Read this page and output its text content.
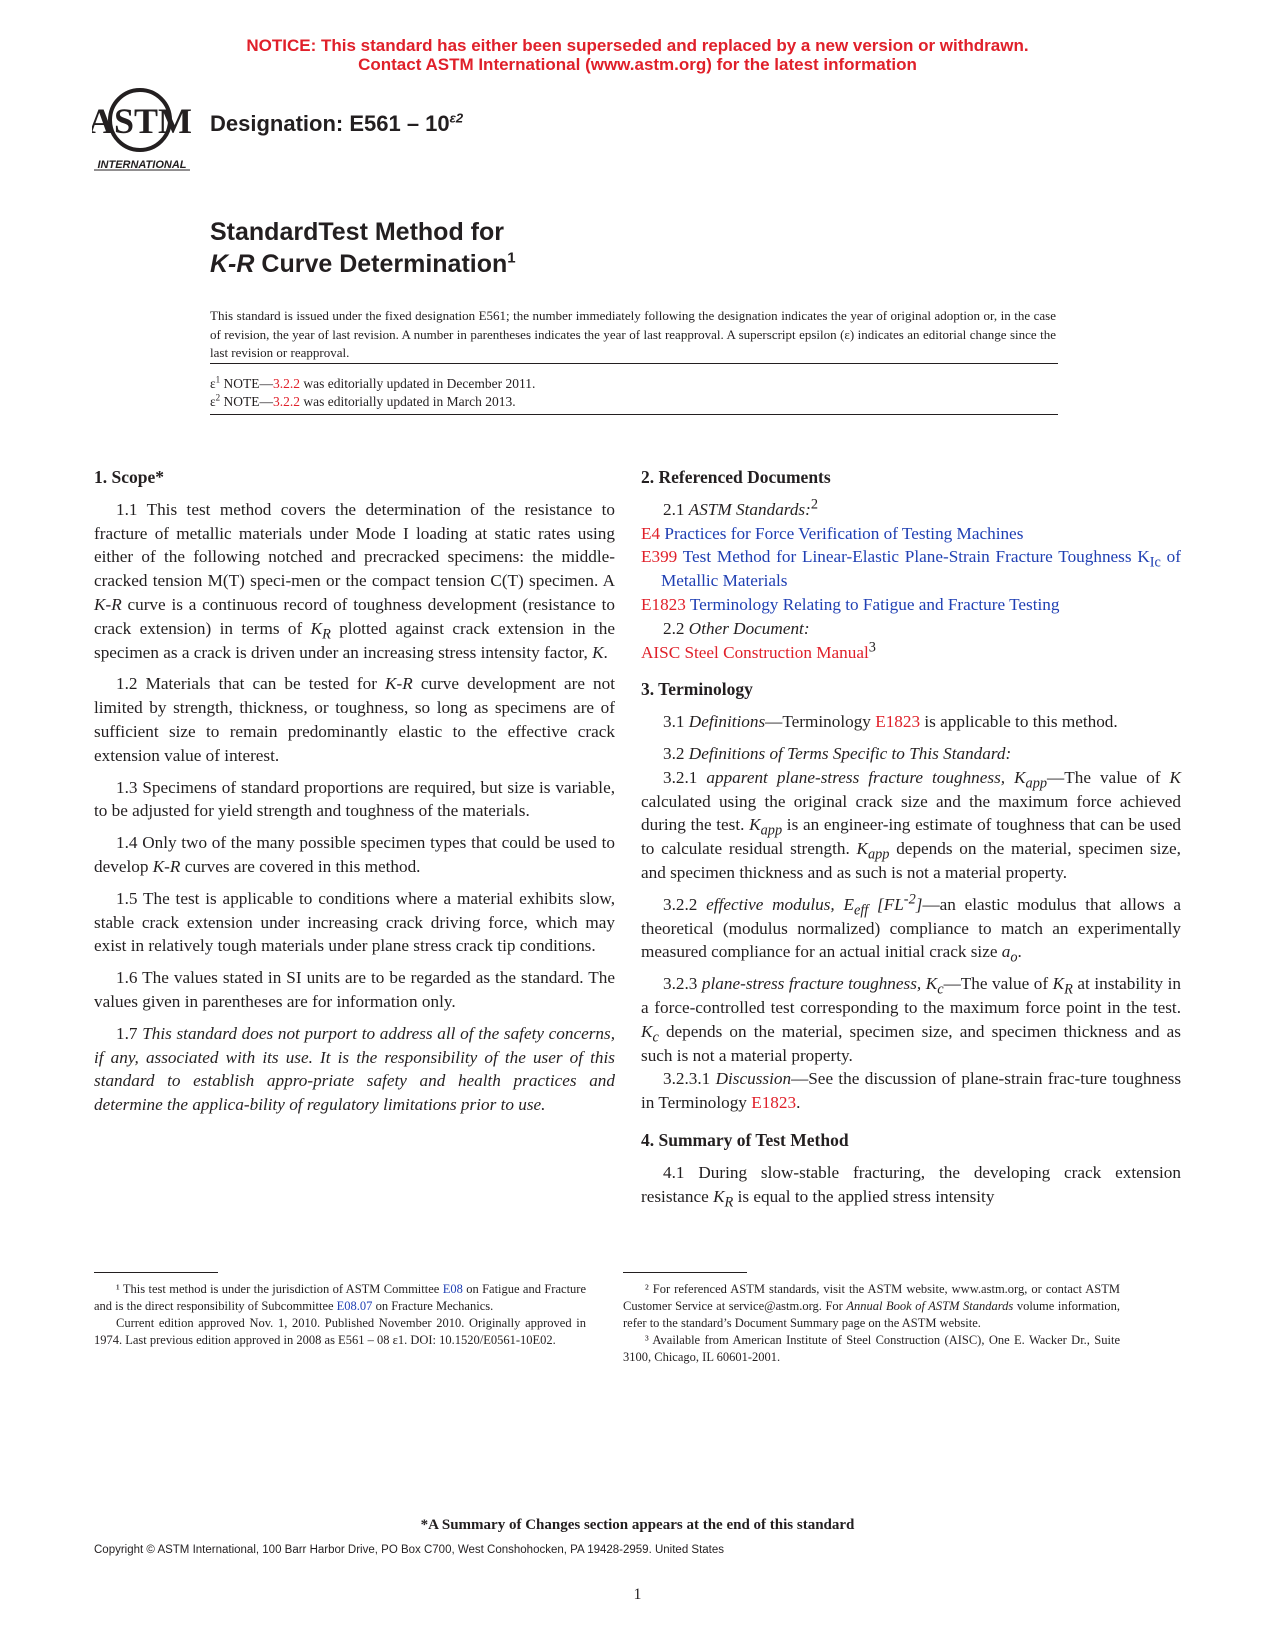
NOTICE: This standard has either been superseded and replaced by a new version or withdrawn.
Contact ASTM International (www.astm.org) for the latest information
ASTM
INTERNATIONAL
Designation: $E561 - 10^{\varepsilon 2}$
StandardTest Method for
K-R Curve Determination$^1$
This standard is issued under the fixed designation E561; the number immediately following the designation indicates the year of original adoption or, in the case of revision, the year of last revision. A number in parentheses indicates the year of last reapproval. A superscript epsilon (ε) indicates an editorial change since the last revision or reapproval.
$\varepsilon^1$ NOTE—3.2.2 was editorially updated in December 2011.
$\varepsilon^2$ NOTE—3.2.2 was editorially updated in March 2013.

1. Scope*

1.1 This test method covers the determination of the resistance to fracture of metallic materials under Mode I loading at static rates using either of the following notched and precracked specimens: the middle-cracked tension M(T) speci-men or the compact tension C(T) specimen. A K-R curve is a continuous record of toughness development (resistance to crack extension) in terms of $K_R$ plotted against crack extension in the specimen as a crack is driven under an increasing stress intensity factor, K.

1.2 Materials that can be tested for K-R curve development are not limited by strength, thickness, or toughness, so long as specimens are of sufficient size to remain predominantly elastic to the effective crack extension value of interest.

1.3 Specimens of standard proportions are required, but size is variable, to be adjusted for yield strength and toughness of the materials.

1.4 Only two of the many possible specimen types that could be used to develop K-R curves are covered in this method.

1.5 The test is applicable to conditions where a material exhibits slow, stable crack extension under increasing crack driving force, which may exist in relatively tough materials under plane stress crack tip conditions.

1.6 The values stated in SI units are to be regarded as the standard. The values given in parentheses are for information only.

1.7 This standard does not purport to address all of the safety concerns, if any, associated with its use. It is the responsibility of the user of this standard to establish appro-priate safety and health practices and determine the applica-bility of regulatory limitations prior to use.

2. Referenced Documents

2.1 ASTM Standards:$^2$

E4 Practices for Force Verification of Testing Machines

E399 Test Method for Linear-Elastic Plane-Strain Fracture Toughness $K_{Ic}$ of Metallic Materials

E1823 Terminology Relating to Fatigue and Fracture Testing

2.2 Other Document:

AISC Steel Construction Manual$^3$

3. Terminology

3.1 Definitions—Terminology E1823 is applicable to this method.

3.2 Definitions of Terms Specific to This Standard:

3.2.1 apparent plane-stress fracture toughness, $K_{app}—The$ value of K calculated using the original crack size and the maximum force achieved during the test. $K_{app}$ is an engineer-ing estimate of toughness that can be used to calculate residual strength. $K_{app}$ depends on the material, specimen size, and specimen thickness and as such is not a material property.

3.2.2 effective modulus, $E_{eff}$ $[FL^{-2}]—an$ elastic modulus that allows a theoretical (modulus normalized) compliance to match an experimentally measured compliance for an actual initial crack size $a_o$.

3.2.3 plane-stress fracture toughness, $K_c—The$ value of $K_R$ at instability in a force-controlled test corresponding to the maximum force point in the test. $K_c$ depends on the material, specimen size, and specimen thickness and as such is not a material property.

3.2.3.1 Discussion—See the discussion of plane-strain frac-ture toughness in Terminology E1823.

4. Summary of Test Method

4.1 During slow-stable fracturing, the developing crack extension resistance $K_R$ is equal to the applied stress intensity

¹ This test method is under the jurisdiction of ASTM Committee E08 on Fatigue and Fracture and is the direct responsibility of Subcommittee E08.07 on Fracture Mechanics.

Current edition approved Nov. 1, 2010. Published November 2010. Originally approved in 1974. Last previous edition approved in 2008 as E561 – 08 ε1. DOI: 10.1520/E0561-10E02.

² For referenced ASTM standards, visit the ASTM website, www.astm.org, or contact ASTM Customer Service at service@astm.org. For Annual Book of ASTM Standards volume information, refer to the standard’s Document Summary page on the ASTM website.

³ Available from American Institute of Steel Construction (AISC), One E. Wacker Dr., Suite 3100, Chicago, IL 60601-2001.

*A Summary of Changes section appears at the end of this standard
Copyright © ASTM International, 100 Barr Harbor Drive, PO Box C700, West Conshohocken, PA 19428-2959. United States
1
